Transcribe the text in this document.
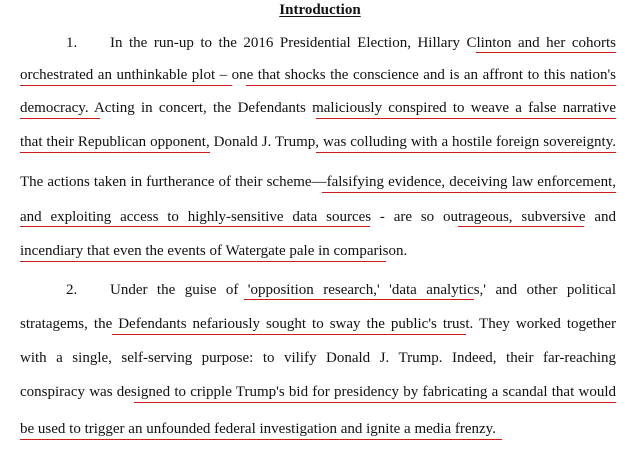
Introduction
1. In the run-up to the 2016 Presidential Election, Hillary Clinton and her cohorts
orchestrated an unthinkable plot – one that shocks the conscience and is an affront to this nation's
democracy. Acting in concert, the Defendants maliciously conspired to weave a false narrative
that their Republican opponent, Donald J. Trump, was colluding with a hostile foreign sovereignty.
The actions taken in furtherance of their scheme—falsifying evidence, deceiving law enforcement,
and exploiting access to highly-sensitive data sources - are so outrageous, subversive and
incendiary that even the events of Watergate pale in comparison.
2. Under the guise of 'opposition research,' 'data analytics,' and other political
stratagems, the Defendants nefariously sought to sway the public's trust. They worked together
with a single, self-serving purpose: to vilify Donald J. Trump. Indeed, their far-reaching
conspiracy was designed to cripple Trump's bid for presidency by fabricating a scandal that would
be used to trigger an unfounded federal investigation and ignite a media frenzy.
